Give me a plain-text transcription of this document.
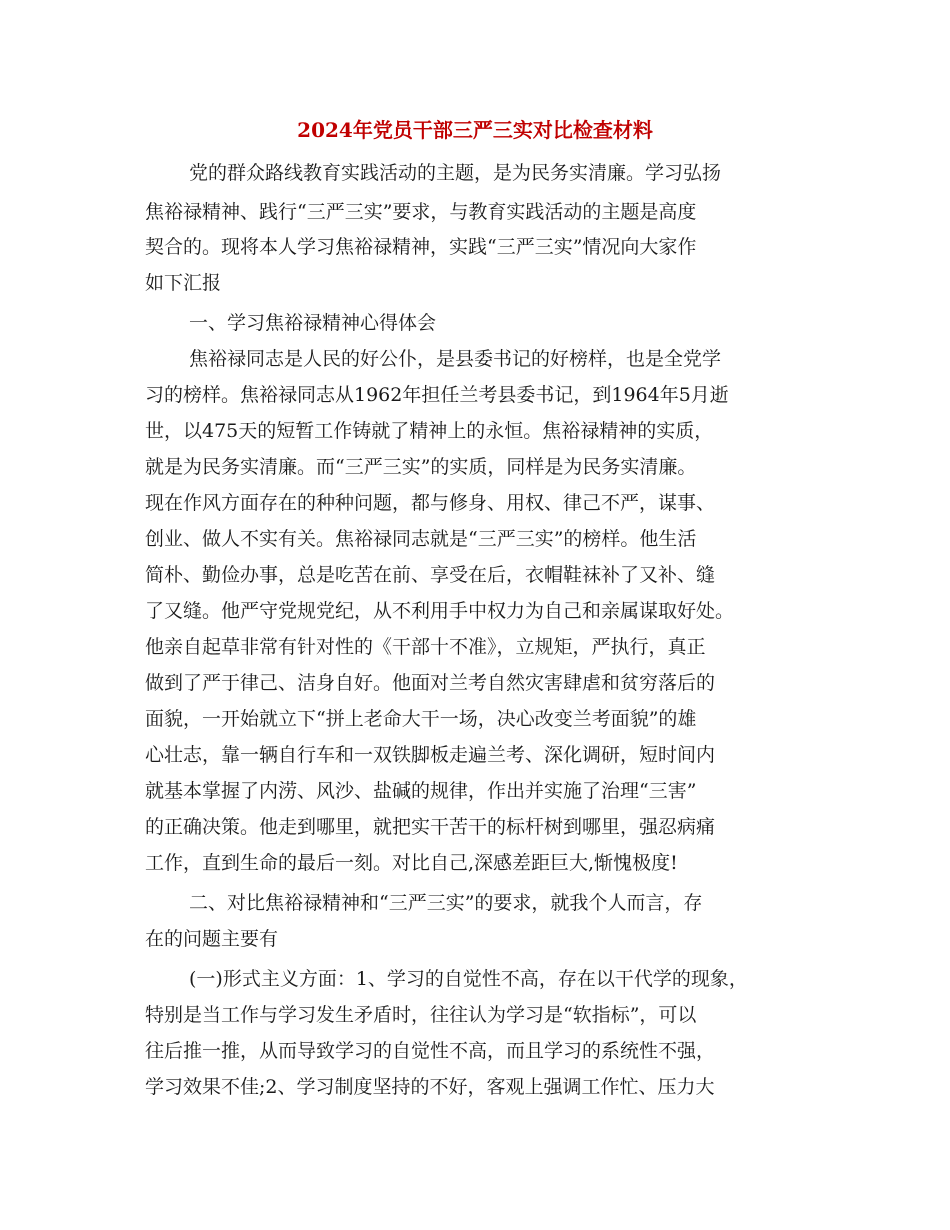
2024年党员干部三严三实对比检查材料

党的群众路线教育实践活动的主题，是为民务实清廉。学习弘扬

焦裕禄精神、践行“三严三实”要求，与教育实践活动的主题是高度

契合的。现将本人学习焦裕禄精神，实践“三严三实”情况向大家作

如下汇报

一、学习焦裕禄精神心得体会

焦裕禄同志是人民的好公仆，是县委书记的好榜样，也是全党学

习的榜样。焦裕禄同志从1962年担任兰考县委书记，到1964年5月逝

世，以475天的短暂工作铸就了精神上的永恒。焦裕禄精神的实质，

就是为民务实清廉。而“三严三实”的实质，同样是为民务实清廉。

现在作风方面存在的种种问题，都与修身、用权、律己不严，谋事、

创业、做人不实有关。焦裕禄同志就是“三严三实”的榜样。他生活

简朴、勤俭办事，总是吃苦在前、享受在后，衣帽鞋袜补了又补、缝

了又缝。他严守党规党纪，从不利用手中权力为自己和亲属谋取好处。

他亲自起草非常有针对性的《干部十不准》，立规矩，严执行，真正

做到了严于律己、洁身自好。他面对兰考自然灾害肆虐和贫穷落后的

面貌，一开始就立下“拼上老命大干一场，决心改变兰考面貌”的雄

心壮志，靠一辆自行车和一双铁脚板走遍兰考、深化调研，短时间内

就基本掌握了内涝、风沙、盐碱的规律，作出并实施了治理“三害”

的正确决策。他走到哪里，就把实干苦干的标杆树到哪里，强忍病痛

工作，直到生命的最后一刻。对比自己,深感差距巨大,惭愧极度!

二、对比焦裕禄精神和“三严三实”的要求，就我个人而言，存

在的问题主要有

(一)形式主义方面：1、学习的自觉性不高，存在以干代学的现象，

特别是当工作与学习发生矛盾时，往往认为学习是“软指标”，可以

往后推一推，从而导致学习的自觉性不高，而且学习的系统性不强，

学习效果不佳;2、学习制度坚持的不好，客观上强调工作忙、压力大
